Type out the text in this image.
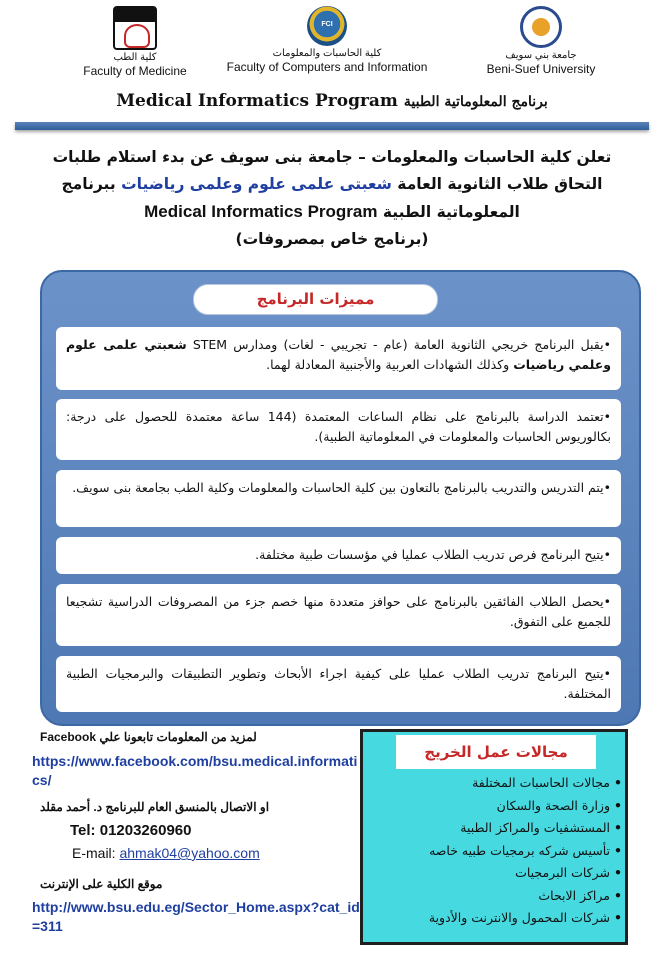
كلية الطب
Faculty of Medicine
FCI
كلية الحاسبات والمعلومات
Faculty of Computers and Information
جامعة بني سويف
Beni-Suef University
Medical Informatics Program برنامج المعلوماتية الطبية
تعلن كلية الحاسبات والمعلومات – جامعة بنى سويف عن بدء استلام طلبات
التحاق طلاب الثانوية العامة شعبتى علمى علوم وعلمى رياضيات ببرنامج
المعلوماتية الطبية Medical Informatics Program
(برنامج خاص بمصروفات)
مميزات البرنامج
•يقبل البرنامج خريجي الثانوية العامة (عام - تجريبي - لغات) ومدارس STEM شعبتي علمى علوم وعلمي رياضيات وكذلك الشهادات العربية والأجنبية المعادلة لهما.
•تعتمد الدراسة بالبرنامج على نظام الساعات المعتمدة (144 ساعة معتمدة للحصول على درجة: بكالوريوس الحاسبات والمعلومات في المعلوماتية الطبية).
•يتم التدريس والتدريب بالبرنامج بالتعاون بين كلية الحاسبات والمعلومات وكلية الطب بجامعة بنى سويف.
•يتيح البرنامج فرص تدريب الطلاب عمليا في مؤسسات طبية مختلفة.
•يحصل الطلاب الفائقين بالبرنامج على حوافز متعددة منها خصم جزء من المصروفات الدراسية تشجيعا للجميع على التفوق.
•يتيح البرنامج تدريب الطلاب عمليا على كيفية اجراء الأبحاث وتطوير التطبيقات والبرمجيات الطبية المختلفة.
لمزيد من المعلومات تابعونا علي Facebook
https://www.facebook.com/bsu.medical.informatics/
او الاتصال بالمنسق العام للبرنامج د. أحمد مقلد
Tel: 01203260960
E-mail: ahmak04@yahoo.com
موقع الكلية على الإنترنت
http://www.bsu.edu.eg/Sector_Home.aspx?cat_id=311
مجالات عمل الخريج
• مجالات الحاسبات المختلفة
• وزارة الصحة والسكان
• المستشفيات والمراكز الطبية
• تأسيس شركه برمجيات طبيه خاصه
• شركات البرمجيات
• مراكز الابحاث
• شركات المحمول والانترنت والأدوية
